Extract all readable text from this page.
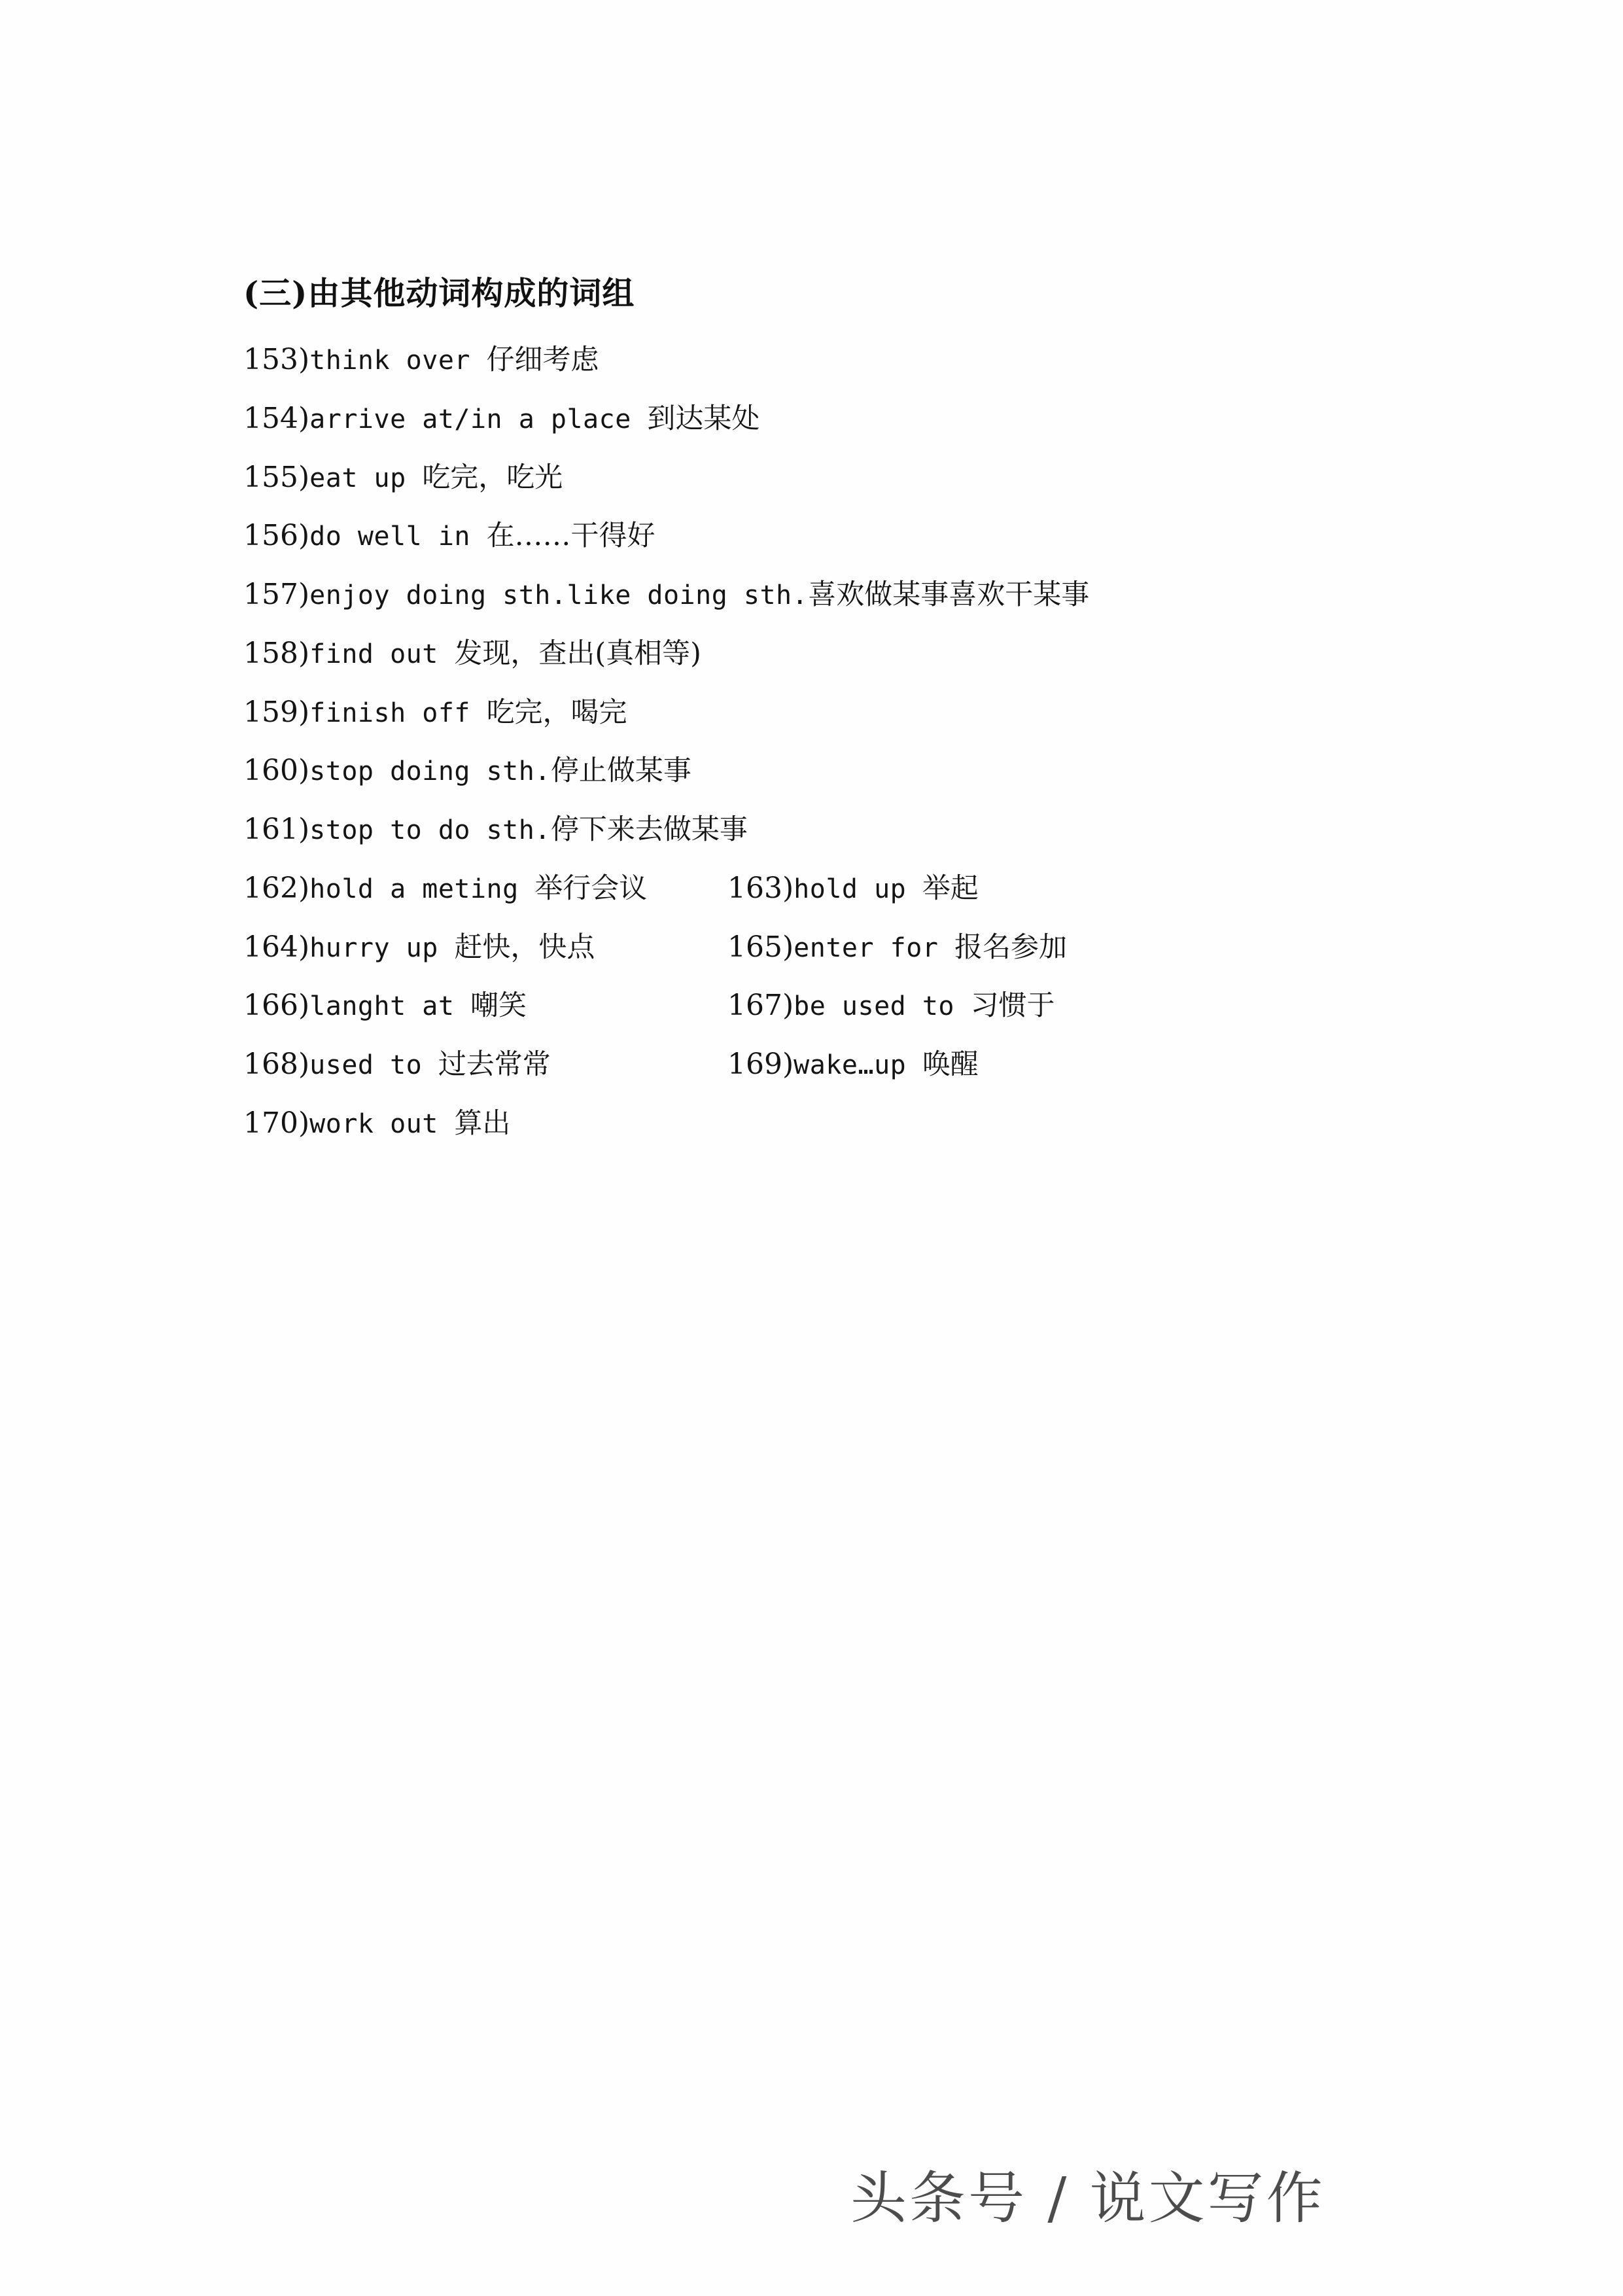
(三)由其他动词构成的词组
153)think over 仔细考虑
154)arrive at/in a place 到达某处
155)eat up 吃完，吃光
156)do well in 在……干得好
157)enjoy doing sth.like doing sth.喜欢做某事喜欢干某事
158)find out 发现，查出(真相等)
159)finish off 吃完，喝完
160)stop doing sth.停止做某事
161)stop to do sth.停下来去做某事
162)hold a meting 举行会议	163)hold up 举起
164)hurry up 赶快，快点	165)enter for 报名参加
166)langht at 嘲笑	167)be used to 习惯于
168)used to 过去常常	169)wake…up 唤醒
170)work out 算出
头条号 / 说文写作
